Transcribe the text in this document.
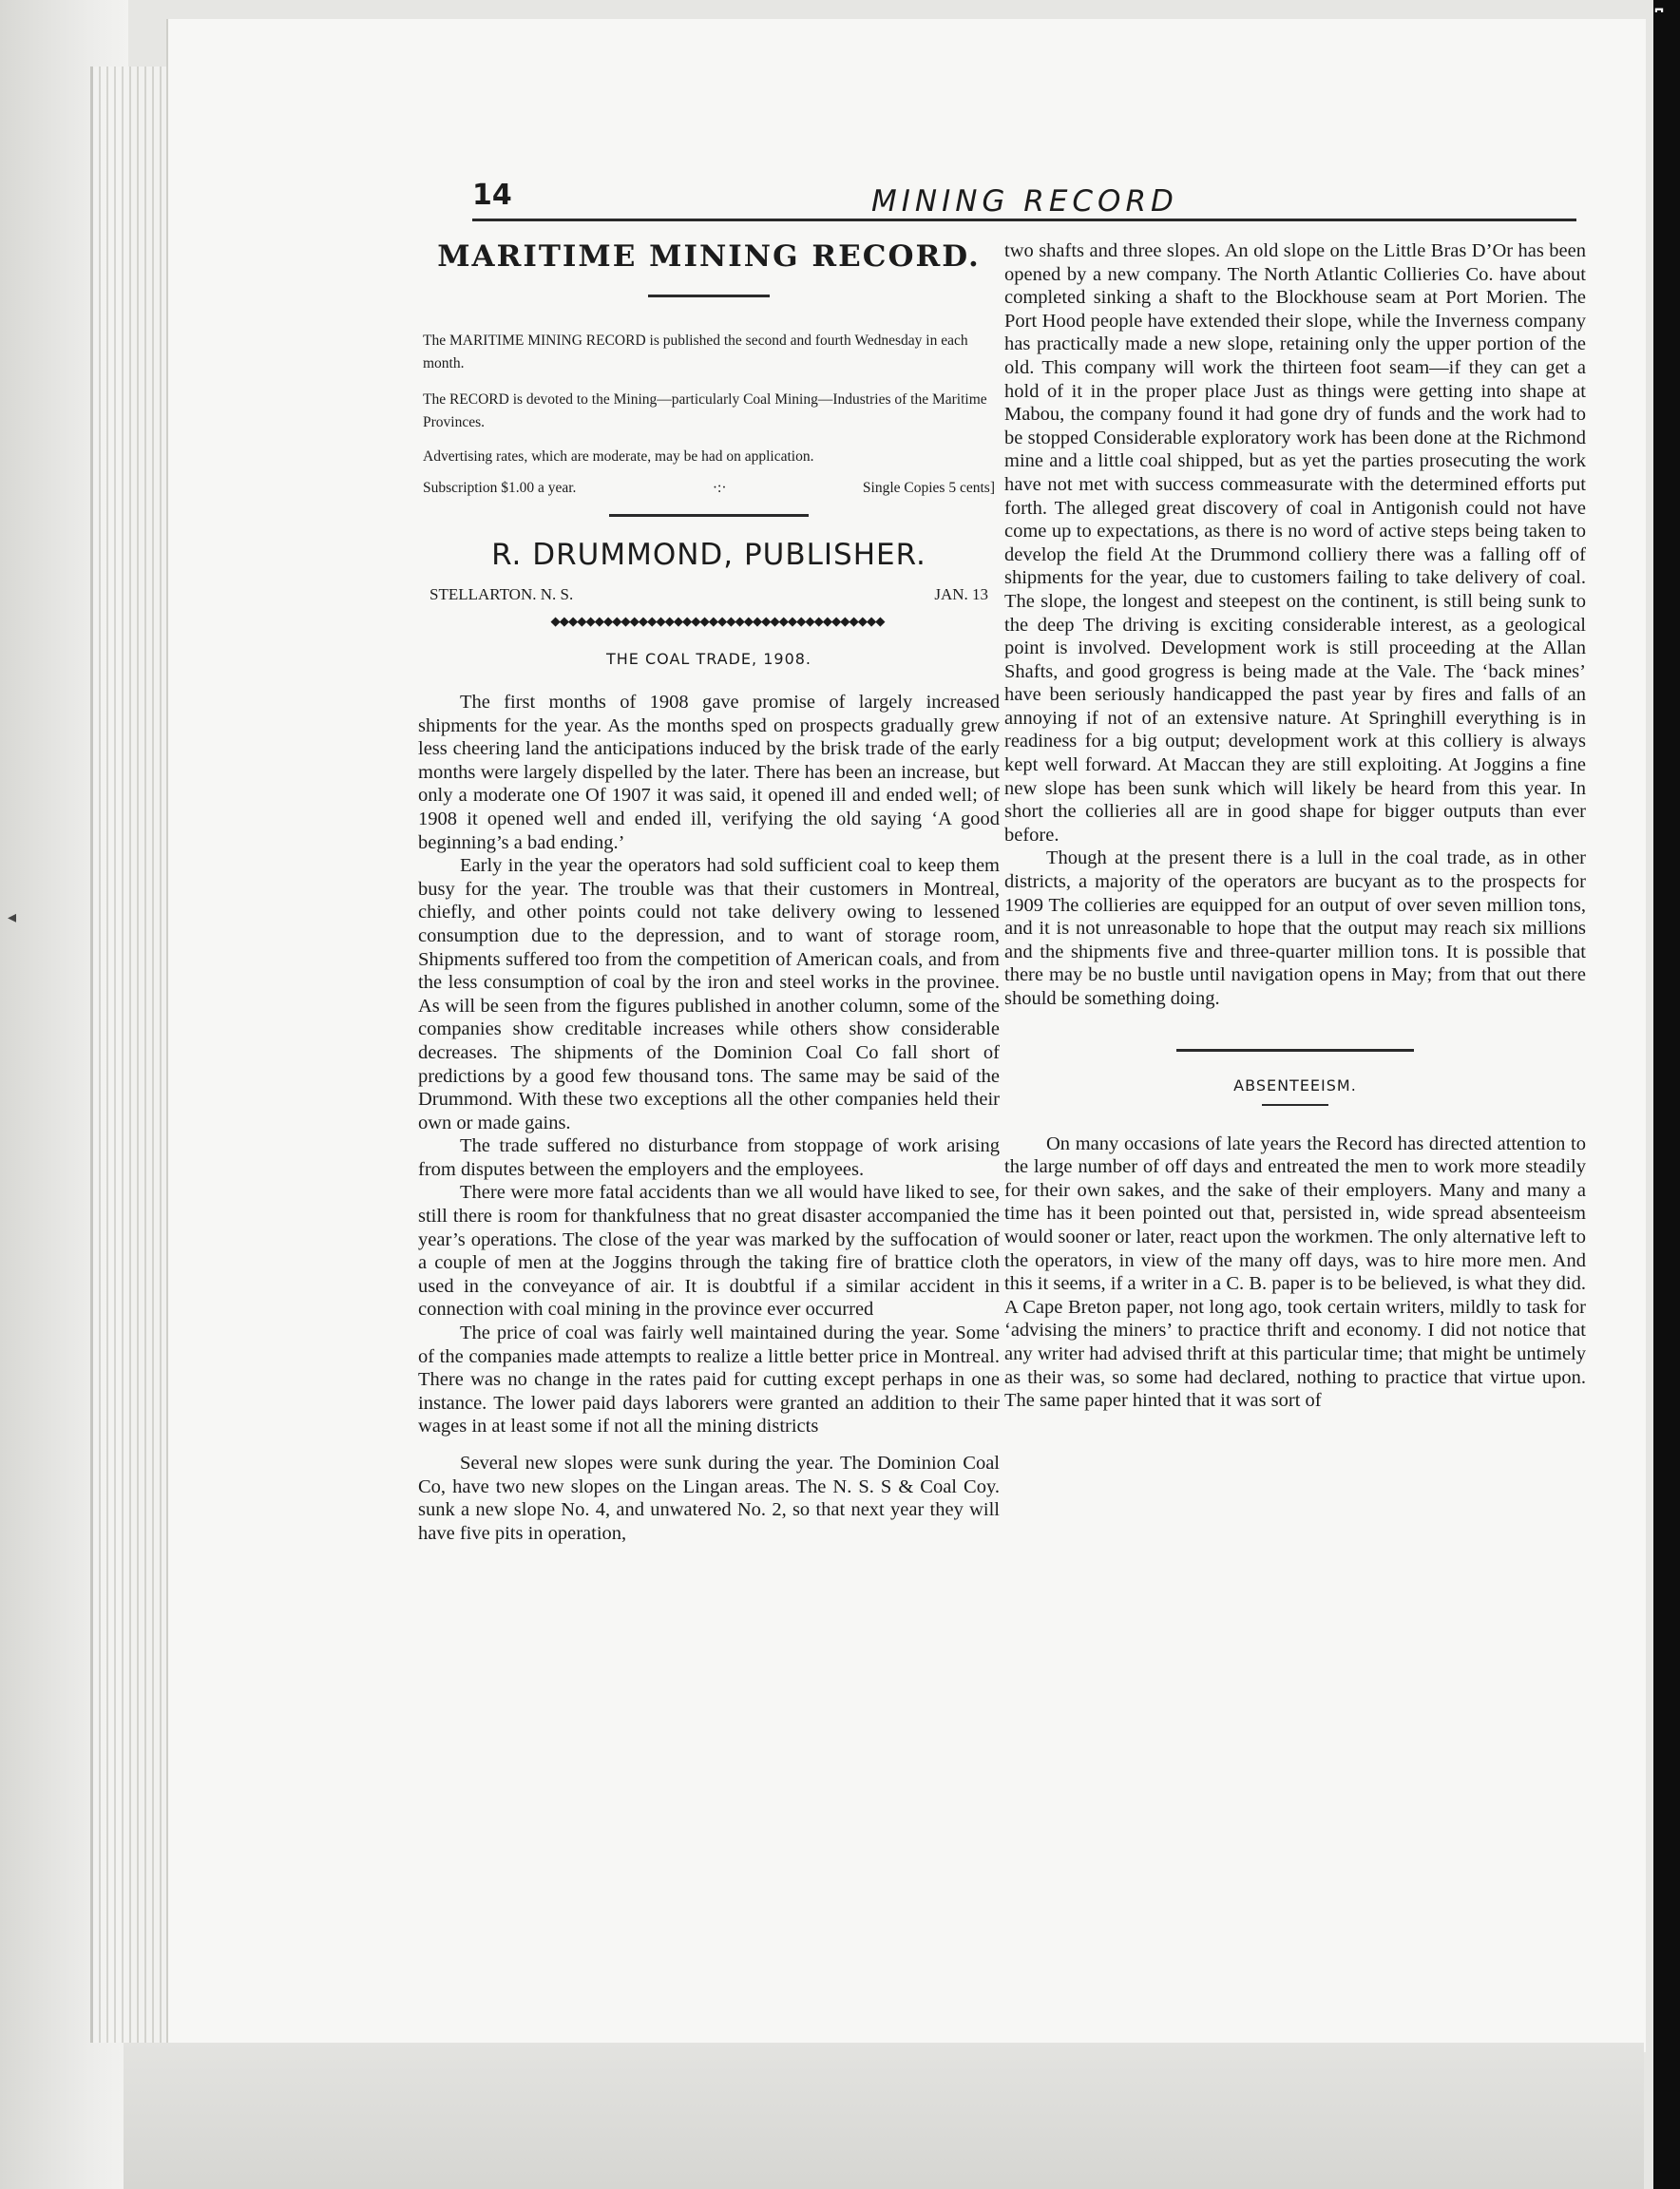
⎴
◂
14	MINING RECORD
MARITIME MINING RECORD.

The MARITIME MINING RECORD is published the second and fourth Wednesday in each month.

The RECORD is devoted to the Mining—particularly Coal Mining—Industries of the Maritime Provinces.

Advertising rates, which are moderate, may be had on application.

Subscription $1.00 a year.	·:·	Single Copies 5 cents]
R. DRUMMOND, PUBLISHER.
STELLARTON. N. S.	JAN. 13
◆◆◆◆◆◆◆◆◆◆◆◆◆◆◆◆◆◆◆◆◆◆◆◆◆◆◆◆◆◆◆◆◆◆◆◆◆◆
THE COAL TRADE, 1908.

The first months of 1908 gave promise of largely increased shipments for the year. As the months sped on prospects gradually grew less cheering land the anticipations induced by the brisk trade of the early months were largely dispelled by the later. There has been an increase, but only a moderate one Of 1907 it was said, it opened ill and ended well; of 1908 it opened well and ended ill, verifying the old saying ‘A good beginning’s a bad ending.’

Early in the year the operators had sold sufficient coal to keep them busy for the year. The trouble was that their customers in Montreal, chiefly, and other points could not take delivery owing to lessened consumption due to the depression, and to want of storage room, Shipments suffered too from the competition of American coals, and from the less consumption of coal by the iron and steel works in the provinee. As will be seen from the figures published in another column, some of the companies show creditable increases while others show considerable decreases. The shipments of the Dominion Coal Co fall short of predictions by a good few thousand tons. The same may be said of the Drummond. With these two exceptions all the other companies held their own or made gains.

The trade suffered no disturbance from stoppage of work arising from disputes between the employers and the employees.

There were more fatal accidents than we all would have liked to see, still there is room for thankfulness that no great disaster accompanied the year’s operations. The close of the year was marked by the suffocation of a couple of men at the Joggins through the taking fire of brattice cloth used in the conveyance of air. It is doubtful if a similar accident in connection with coal mining in the province ever occurred

The price of coal was fairly well maintained during the year. Some of the companies made attempts to realize a little better price in Montreal. There was no change in the rates paid for cutting except perhaps in one instance. The lower paid days laborers were granted an addition to their wages in at least some if not all the mining districts

Several new slopes were sunk during the year. The Dominion Coal Co, have two new slopes on the Lingan areas. The N. S. S & Coal Coy. sunk a new slope No. 4, and unwatered No. 2, so that next year they will have five pits in operation,

two shafts and three slopes. An old slope on the Little Bras D’Or has been opened by a new company. The North Atlantic Collieries Co. have about completed sinking a shaft to the Blockhouse seam at Port Morien. The Port Hood people have extended their slope, while the Inverness company has practically made a new slope, retaining only the upper portion of the old. This company will work the thirteen foot seam—if they can get a hold of it in the proper place Just as things were getting into shape at Mabou, the company found it had gone dry of funds and the work had to be stopped Considerable exploratory work has been done at the Richmond mine and a little coal shipped, but as yet the parties prosecuting the work have not met with success commeasurate with the determined efforts put forth. The alleged great discovery of coal in Antigonish could not have come up to expectations, as there is no word of active steps being taken to develop the field At the Drummond colliery there was a falling off of shipments for the year, due to customers failing to take delivery of coal. The slope, the longest and steepest on the continent, is still being sunk to the deep The driving is exciting considerable interest, as a geological point is involved. Development work is still proceeding at the Allan Shafts, and good grogress is being made at the Vale. The ‘back mines’ have been seriously handicapped the past year by fires and falls of an annoying if not of an extensive nature. At Springhill everything is in readiness for a big output; development work at this colliery is always kept well forward. At Maccan they are still exploiting. At Joggins a fine new slope has been sunk which will likely be heard from this year. In short the collieries all are in good shape for bigger outputs than ever before.

Though at the present there is a lull in the coal trade, as in other districts, a majority of the operators are bucyant as to the prospects for 1909 The collieries are equipped for an output of over seven million tons, and it is not unreasonable to hope that the output may reach six millions and the shipments five and three-quarter million tons. It is possible that there may be no bustle until navigation opens in May; from that out there should be something doing.

ABSENTEEISM.

On many occasions of late years the Record has directed attention to the large number of off days and entreated the men to work more steadily for their own sakes, and the sake of their employers. Many and many a time has it been pointed out that, persisted in, wide spread absenteeism would sooner or later, react upon the workmen. The only alternative left to the operators, in view of the many off days, was to hire more men. And this it seems, if a writer in a C. B. paper is to be believed, is what they did. A Cape Breton paper, not long ago, took certain writers, mildly to task for ‘advising the miners’ to practice thrift and economy. I did not notice that any writer had advised thrift at this particular time; that might be untimely as their was, so some had declared, nothing to practice that virtue upon. The same paper hinted that it was sort of
